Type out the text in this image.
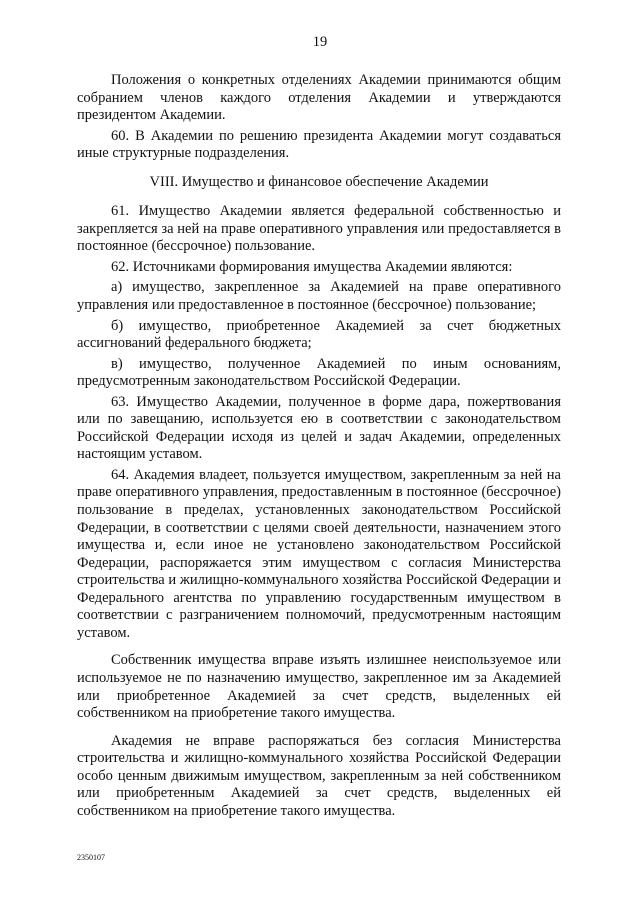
19

Положения о конкретных отделениях Академии принимаются общим собранием членов каждого отделения Академии и утверждаются президентом Академии.

60. В Академии по решению президента Академии могут создаваться иные структурные подразделения.

VIII. Имущество и финансовое обеспечение Академии

61. Имущество Академии является федеральной собственностью и закрепляется за ней на праве оперативного управления или предоставляется в постоянное (бессрочное) пользование.

62. Источниками формирования имущества Академии являются:

а) имущество, закрепленное за Академией на праве оперативного управления или предоставленное в постоянное (бессрочное) пользование;

б) имущество, приобретенное Академией за счет бюджетных ассигнований федерального бюджета;

в) имущество, полученное Академией по иным основаниям, предусмотренным законодательством Российской Федерации.

63. Имущество Академии, полученное в форме дара, пожертвования или по завещанию, используется ею в соответствии с законодательством Российской Федерации исходя из целей и задач Академии, определенных настоящим уставом.

64. Академия владеет, пользуется имуществом, закрепленным за ней на праве оперативного управления, предоставленным в постоянное (бессрочное) пользование в пределах, установленных законодательством Российской Федерации, в соответствии с целями своей деятельности, назначением этого имущества и, если иное не установлено законодательством Российской Федерации, распоряжается этим имуществом с согласия Министерства строительства и жилищно-коммунального хозяйства Российской Федерации и Федерального агентства по управлению государственным имуществом в соответствии с разграничением полномочий, предусмотренным настоящим уставом.

Собственник имущества вправе изъять излишнее неиспользуемое или используемое не по назначению имущество, закрепленное им за Академией или приобретенное Академией за счет средств, выделенных ей собственником на приобретение такого имущества.

Академия не вправе распоряжаться без согласия Министерства строительства и жилищно-коммунального хозяйства Российской Федерации особо ценным движимым имуществом, закрепленным за ней собственником или приобретенным Академией за счет средств, выделенных ей собственником на приобретение такого имущества.

2350107
